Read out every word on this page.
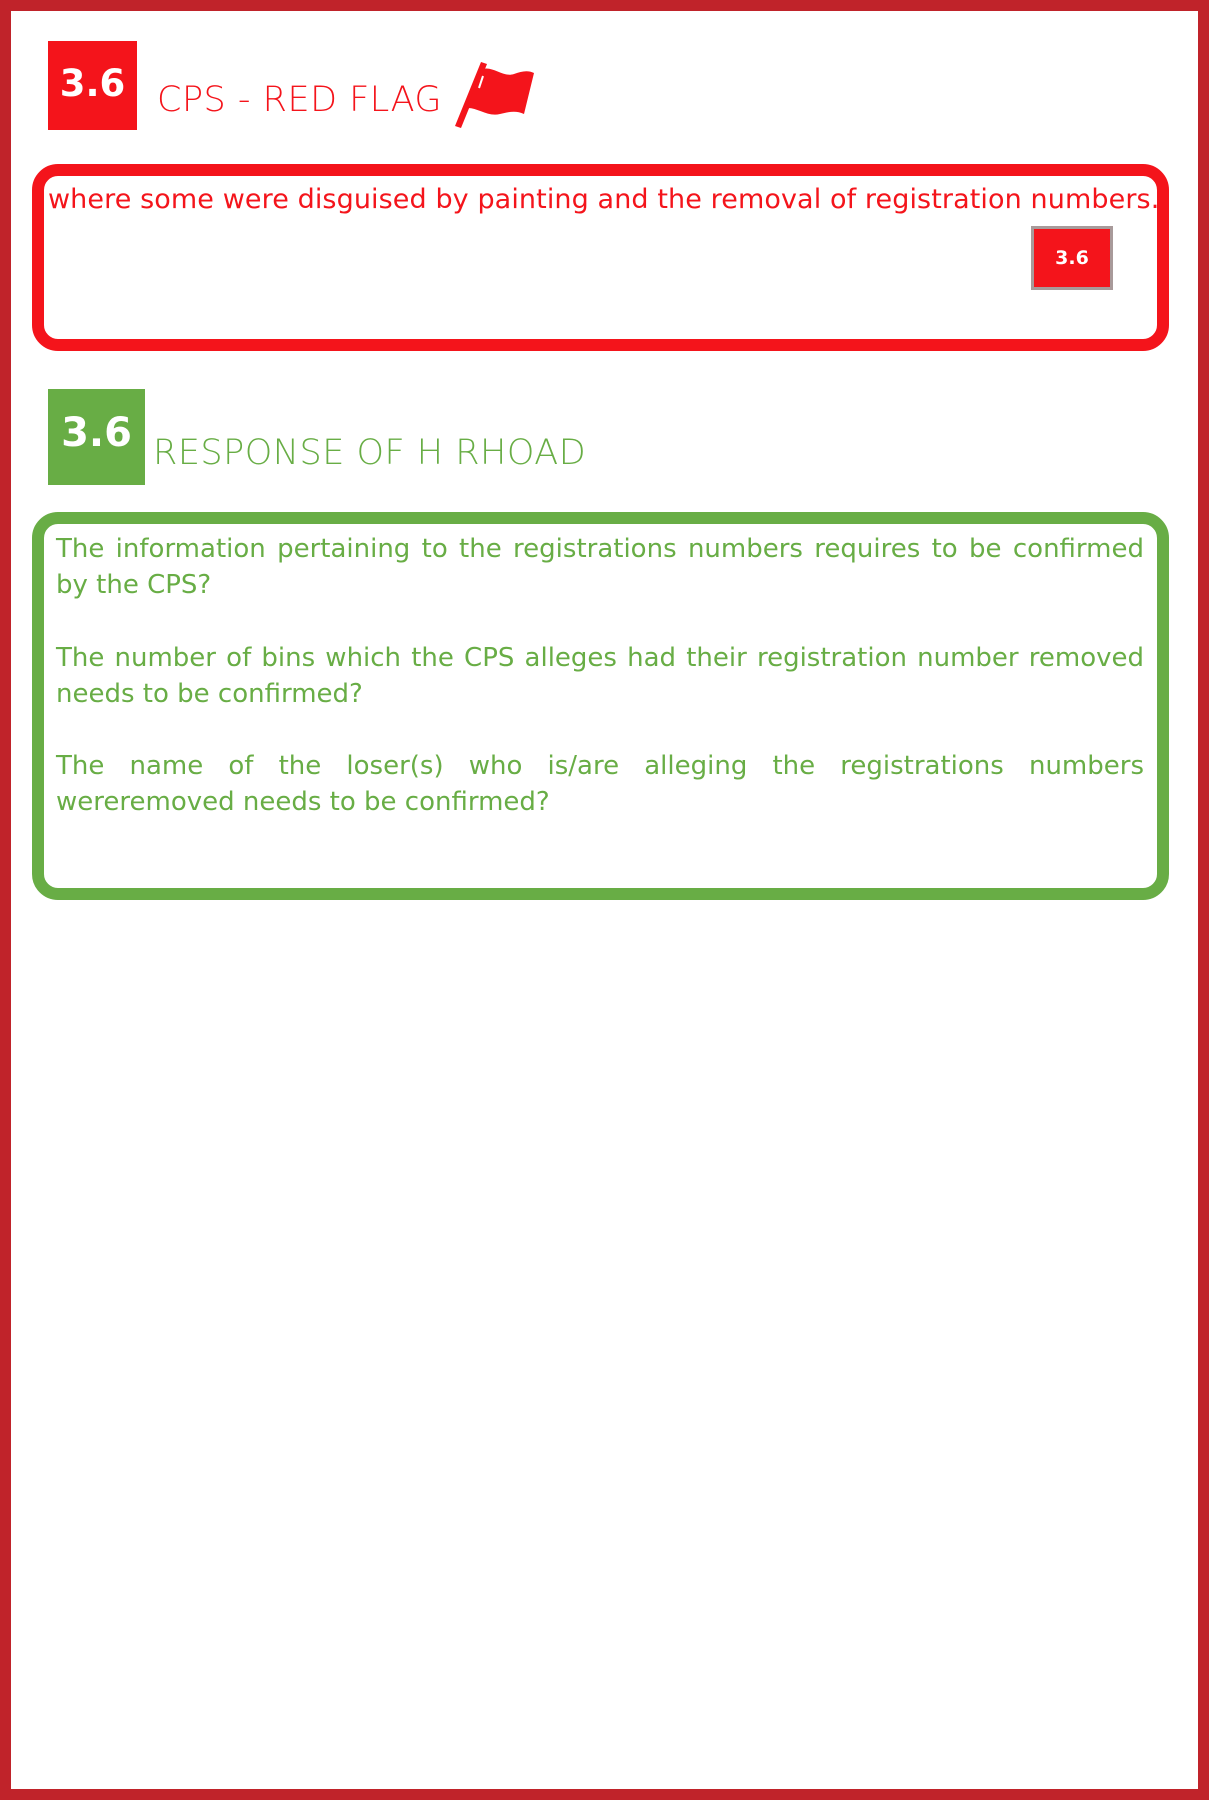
3.6 CPS - RED FLAG
where some were disguised by painting and the removal of registration numbers.
3.6
3.6 RESPONSE OF H RHOAD

The information pertaining to the registrations numbers requires to be confirmed by the CPS?

The number of bins which the CPS alleges had their registration number removed needs to be confirmed?

The name of the loser(s) who is/are alleging the registrations numbers wereremoved needs to be confirmed?
